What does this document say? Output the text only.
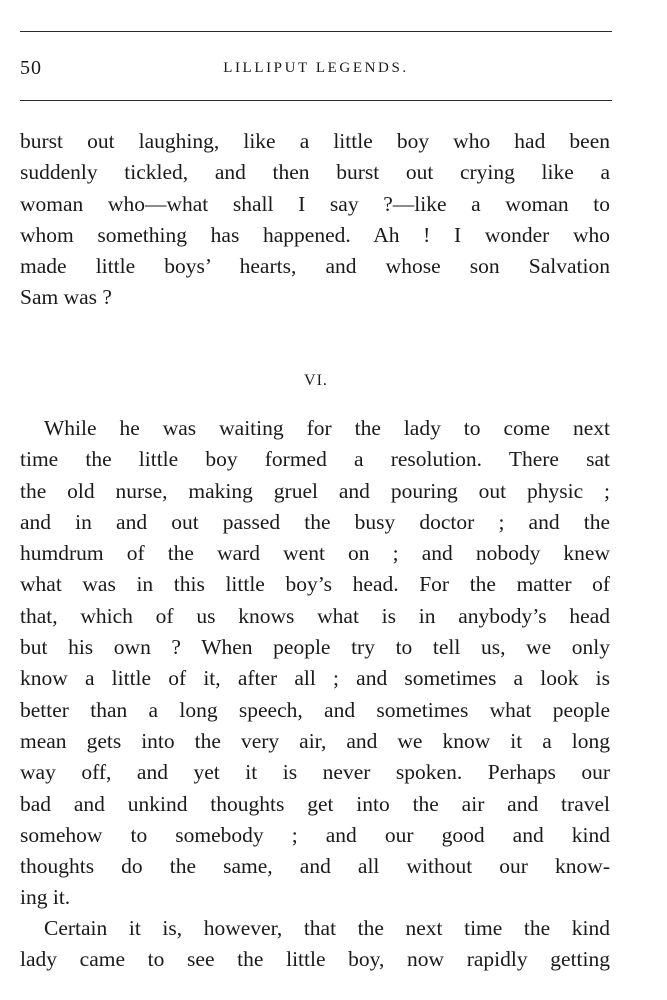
50	LILLIPUT LEGENDS.
burst out laughing, like a little boy who had been
suddenly tickled, and then burst out crying like a
woman who—what shall I say ?—like a woman to
whom something has happened. Ah ! I wonder who
made little boys’ hearts, and whose son Salvation
Sam was ?
VI.
While he was waiting for the lady to come next
time the little boy formed a resolution. There sat
the old nurse, making gruel and pouring out physic ;
and in and out passed the busy doctor ; and the
humdrum of the ward went on ; and nobody knew
what was in this little boy’s head. For the matter of
that, which of us knows what is in anybody’s head
but his own ? When people try to tell us, we only
know a little of it, after all ; and sometimes a look is
better than a long speech, and sometimes what people
mean gets into the very air, and we know it a long
way off, and yet it is never spoken. Perhaps our
bad and unkind thoughts get into the air and travel
somehow to somebody ; and our good and kind
thoughts do the same, and all without our know-
ing it.
Certain it is, however, that the next time the kind
lady came to see the little boy, now rapidly getting
